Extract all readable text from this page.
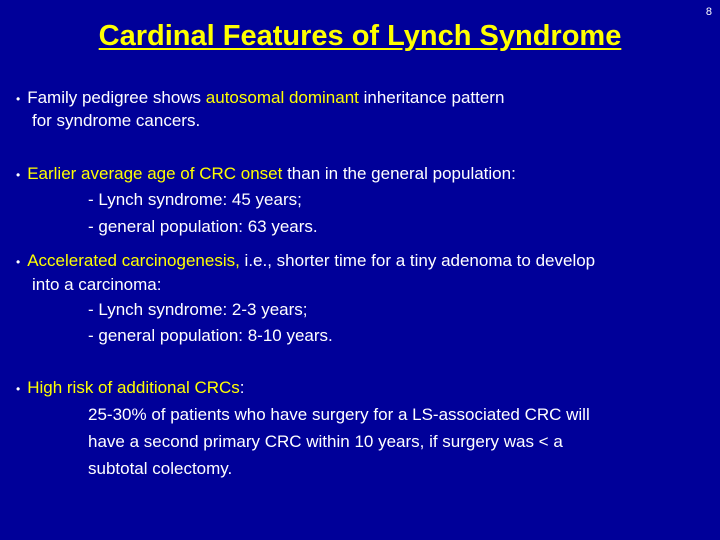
8
Cardinal Features of Lynch Syndrome
• Family pedigree shows autosomal dominant inheritance pattern
for syndrome cancers.
• Earlier average age of CRC onset than in the general population:
- Lynch syndrome: 45 years;
- general population: 63 years.
• Accelerated carcinogenesis, i.e., shorter time for a tiny adenoma to develop
into a carcinoma:
- Lynch syndrome: 2-3 years;
- general population: 8-10 years.
• High risk of additional CRCs:
25-30% of patients who have surgery for a LS-associated CRC will
have a second primary CRC within 10 years, if surgery was < a
subtotal colectomy.
